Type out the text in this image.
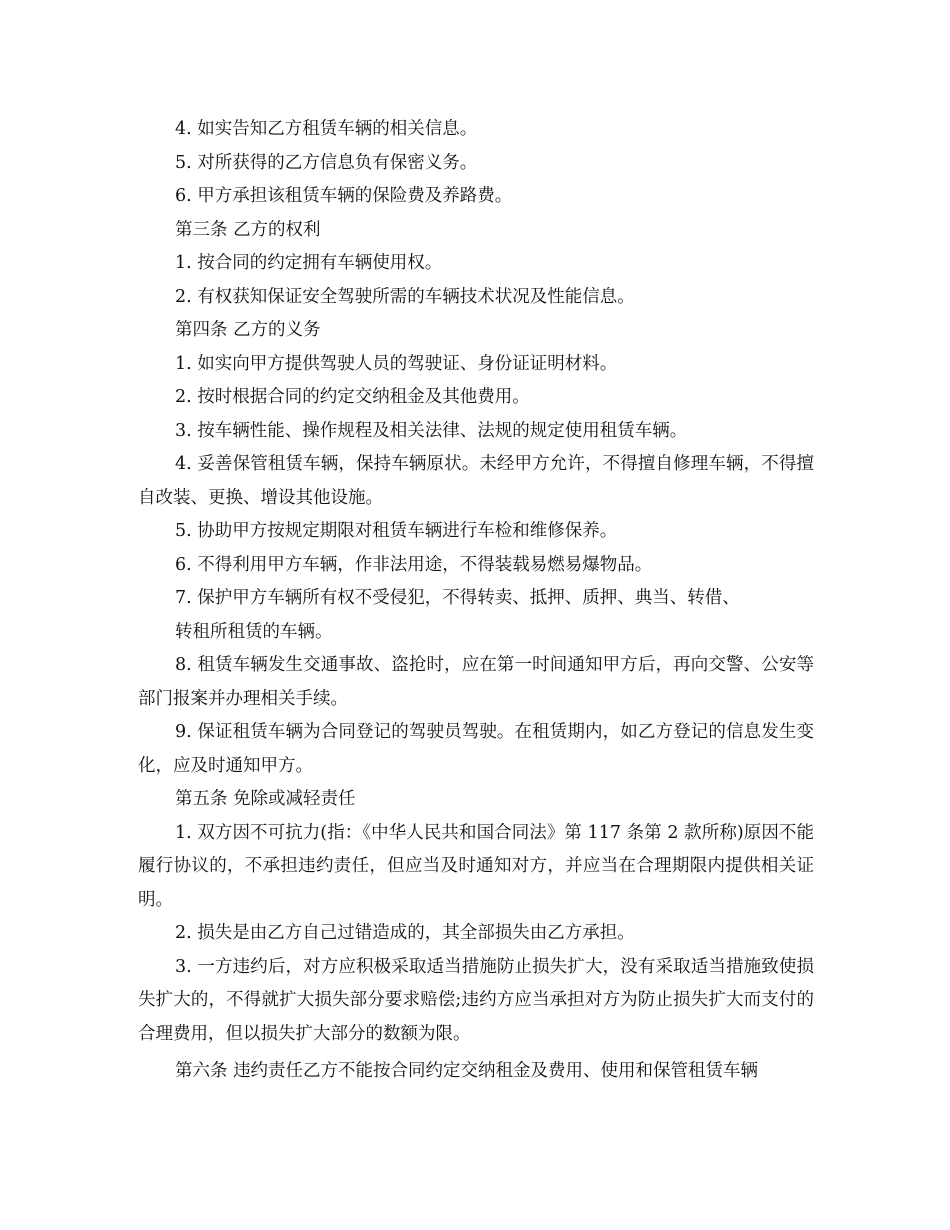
4. 如实告知乙方租赁车辆的相关信息。

5. 对所获得的乙方信息负有保密义务。

6. 甲方承担该租赁车辆的保险费及养路费。

第三条 乙方的权利

1. 按合同的约定拥有车辆使用权。

2. 有权获知保证安全驾驶所需的车辆技术状况及性能信息。

第四条 乙方的义务

1. 如实向甲方提供驾驶人员的驾驶证、身份证证明材料。

2. 按时根据合同的约定交纳租金及其他费用。

3. 按车辆性能、操作规程及相关法律、法规的规定使用租赁车辆。

4. 妥善保管租赁车辆，保持车辆原状。未经甲方允许，不得擅自修理车辆，不得擅自改装、更换、增设其他设施。

5. 协助甲方按规定期限对租赁车辆进行车检和维修保养。

6. 不得利用甲方车辆，作非法用途，不得装载易燃易爆物品。

7. 保护甲方车辆所有权不受侵犯，不得转卖、抵押、质押、典当、转借、

转租所租赁的车辆。

8. 租赁车辆发生交通事故、盗抢时，应在第一时间通知甲方后，再向交警、公安等部门报案并办理相关手续。

9. 保证租赁车辆为合同登记的驾驶员驾驶。在租赁期内，如乙方登记的信息发生变化，应及时通知甲方。

第五条 免除或减轻责任

1. 双方因不可抗力(指：《中华人民共和国合同法》第 117 条第 2 款所称)原因不能履行协议的，不承担违约责任，但应当及时通知对方，并应当在合理期限内提供相关证明。

2. 损失是由乙方自己过错造成的，其全部损失由乙方承担。

3. 一方违约后，对方应积极采取适当措施防止损失扩大，没有采取适当措施致使损失扩大的，不得就扩大损失部分要求赔偿;违约方应当承担对方为防止损失扩大而支付的合理费用，但以损失扩大部分的数额为限。

第六条 违约责任乙方不能按合同约定交纳租金及费用、使用和保管租赁车辆
